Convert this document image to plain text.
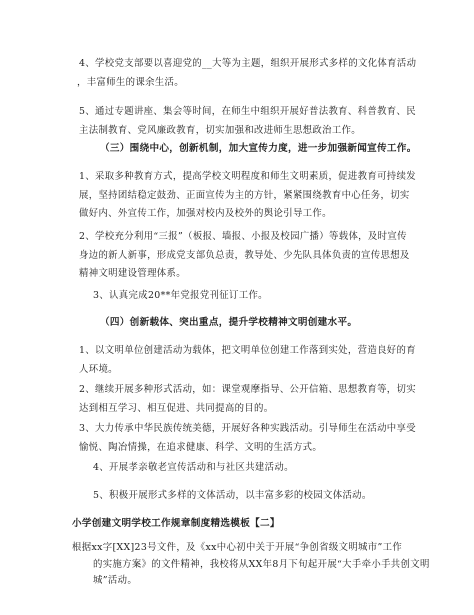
4、学校党支部要以喜迎党的__大等为主题，组织开展形式多样的文化体育活动
，丰富师生的课余生活。
5、通过专题讲座、集会等时间，在师生中组织开展好普法教育、科普教育、民
主法制教育、党风廉政教育，切实加强和改进师生思想政治工作。
（三）围绕中心，创新机制，加大宣传力度，进一步加强新闻宣传工作。
1、采取多种教育方式，提高学校文明程度和师生文明素质，促进教育可持续发
展，坚持团结稳定鼓劲、正面宣传为主的方针，紧紧围绕教育中心任务，切实
做好内、外宣传工作，加强对校内及校外的舆论引导工作。
2、学校充分利用“三报”（板报、墙报、小报及校园广播）等载体，及时宣传
身边的新人新事，形成党支部负总责，教导处、少先队具体负责的宣传思想及
精神文明建设管理体系。
3、认真完成20**年党报党刊征订工作。
（四）创新载体、突出重点，提升学校精神文明创建水平。
1、以文明单位创建活动为载体，把文明单位创建工作落到实处，营造良好的育
人环境。
2、继续开展多种形式活动，如：课堂观摩指导、公开信箱、思想教育等，切实
达到相互学习、相互促进、共同提高的目的。
3、大力传承中华民族传统美德，开展好各种实践活动。引导师生在活动中享受
愉悦、陶冶情操，在追求健康、科学、文明的生活方式。
4、开展孝亲敬老宣传活动和与社区共建活动。
5、积极开展形式多样的文体活动，以丰富多彩的校园文体活动。
小学创建文明学校工作规章制度精选模板【二】
根据xx字[XX]23号文件，及《xx中心初中关于开展“争创省级文明城市”工作
的实施方案》的文件精神，我校将从XX年8月下旬起开展“大手牵小手共创文明
城”活动。
